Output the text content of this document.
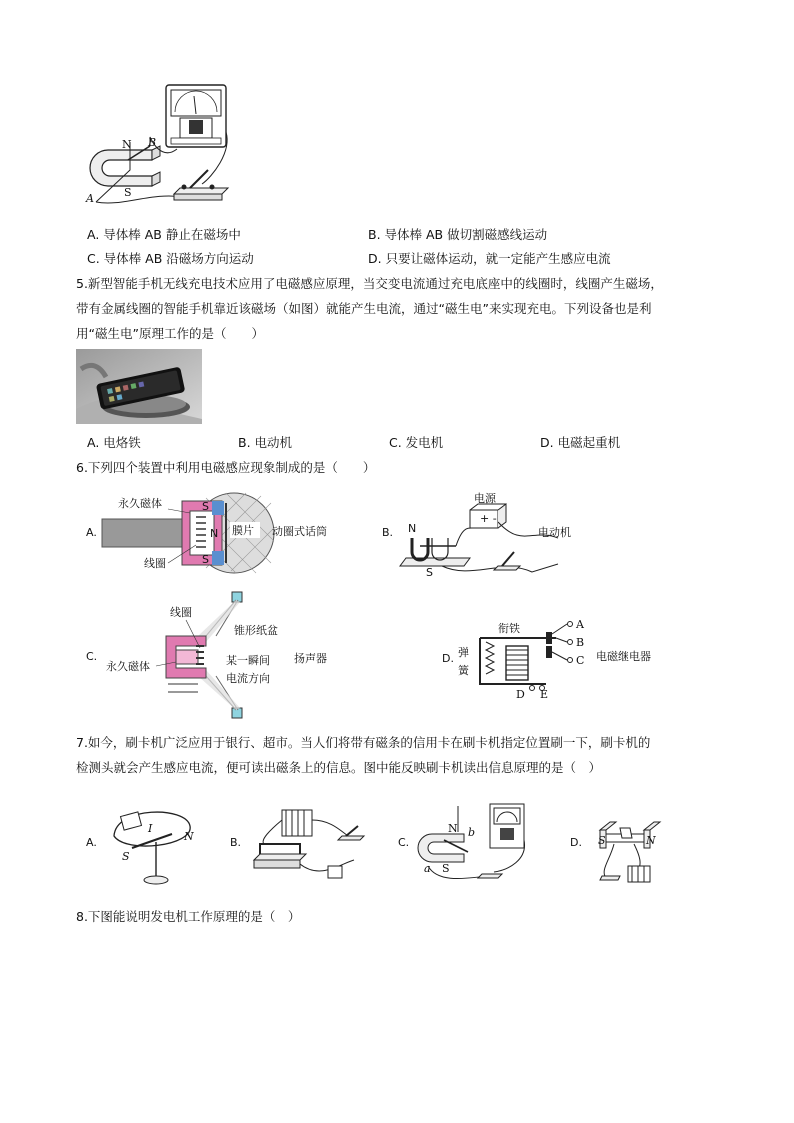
N B
S
A
A. 导体棒 AB 静止在磁场中	B. 导体棒 AB 做切割磁感线运动
C. 导体棒 AB 沿磁场方向运动	D. 只要让磁体运动，就一定能产生感应电流
5.新型智能手机无线充电技术应用了电磁感应原理，当交变电流通过充电底座中的线圈时，线圈产生磁场，
带有金属线圈的智能手机靠近该磁场（如图）就能产生电流，通过“磁生电”来实现充电。下列设备也是利
用“磁生电”原理工作的是（　　）
A. 电烙铁	B. 电动机	C. 发电机	D. 电磁起重机
6.下列四个装置中利用电磁感应现象制成的是（　　）
A.
S
N
S
永久磁体
线圈
膜片 动圈式话筒	B.
电源
+ -
N
S
电动机
C.
线圈
锥形纸盆
永久磁体	某一瞬间
电流方向
扬声器	D.
衔铁
弹
簧
A
B
C
D E
电磁继电器
7.如今，刷卡机广泛应用于银行、超市。当人们将带有磁条的信用卡在刷卡机指定位置刷一下，刷卡机的
检测头就会产生感应电流，便可读出磁条上的信息。图中能反映刷卡机读出信息原理的是（　）
A.
I
S
N	B.	C.
N b
a S
D. S	N
8.下图能说明发电机工作原理的是（　）
